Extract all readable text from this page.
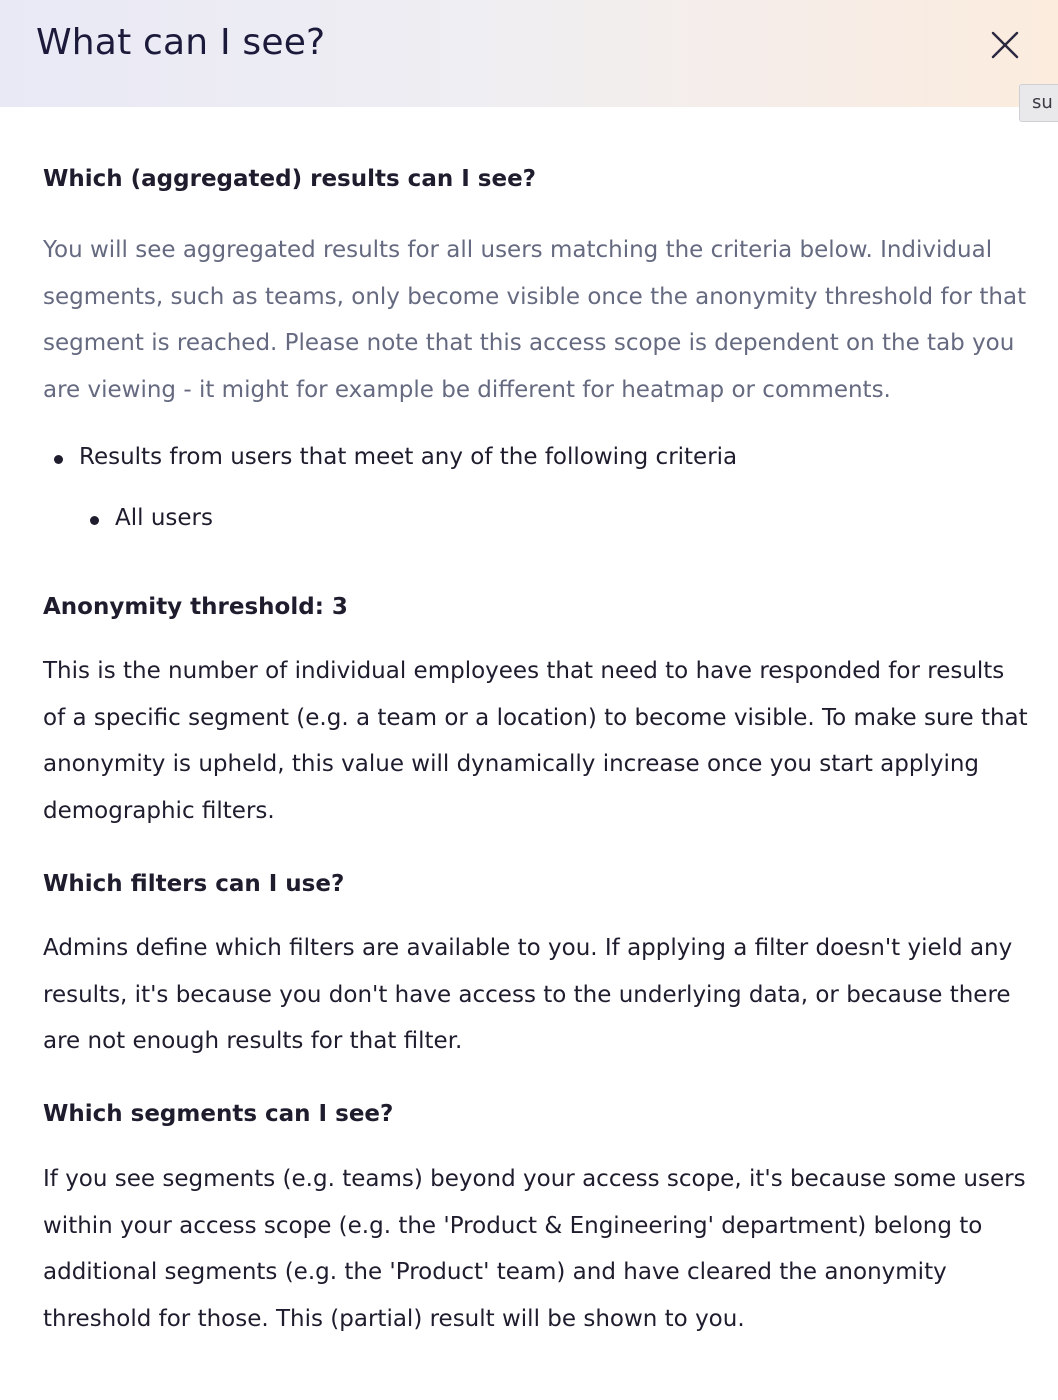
What can I see?
su
Which (aggregated) results can I see?
You will see aggregated results for all users matching the criteria below. Individual segments, such as teams, only become visible once the anonymity threshold for that segment is reached. Please note that this access scope is dependent on the tab you are viewing - it might for example be different for heatmap or comments.
Results from users that meet any of the following criteria
All users
Anonymity threshold: 3
This is the number of individual employees that need to have responded for results of a specific segment (e.g. a team or a location) to become visible. To make sure that anonymity is upheld, this value will dynamically increase once you start applying demographic filters.
Which filters can I use?
Admins define which filters are available to you. If applying a filter doesn't yield any results, it's because you don't have access to the underlying data, or because there are not enough results for that filter.
Which segments can I see?
If you see segments (e.g. teams) beyond your access scope, it's because some users within your access scope (e.g. the 'Product & Engineering' department) belong to additional segments (e.g. the 'Product' team) and have cleared the anonymity threshold for those. This (partial) result will be shown to you.
